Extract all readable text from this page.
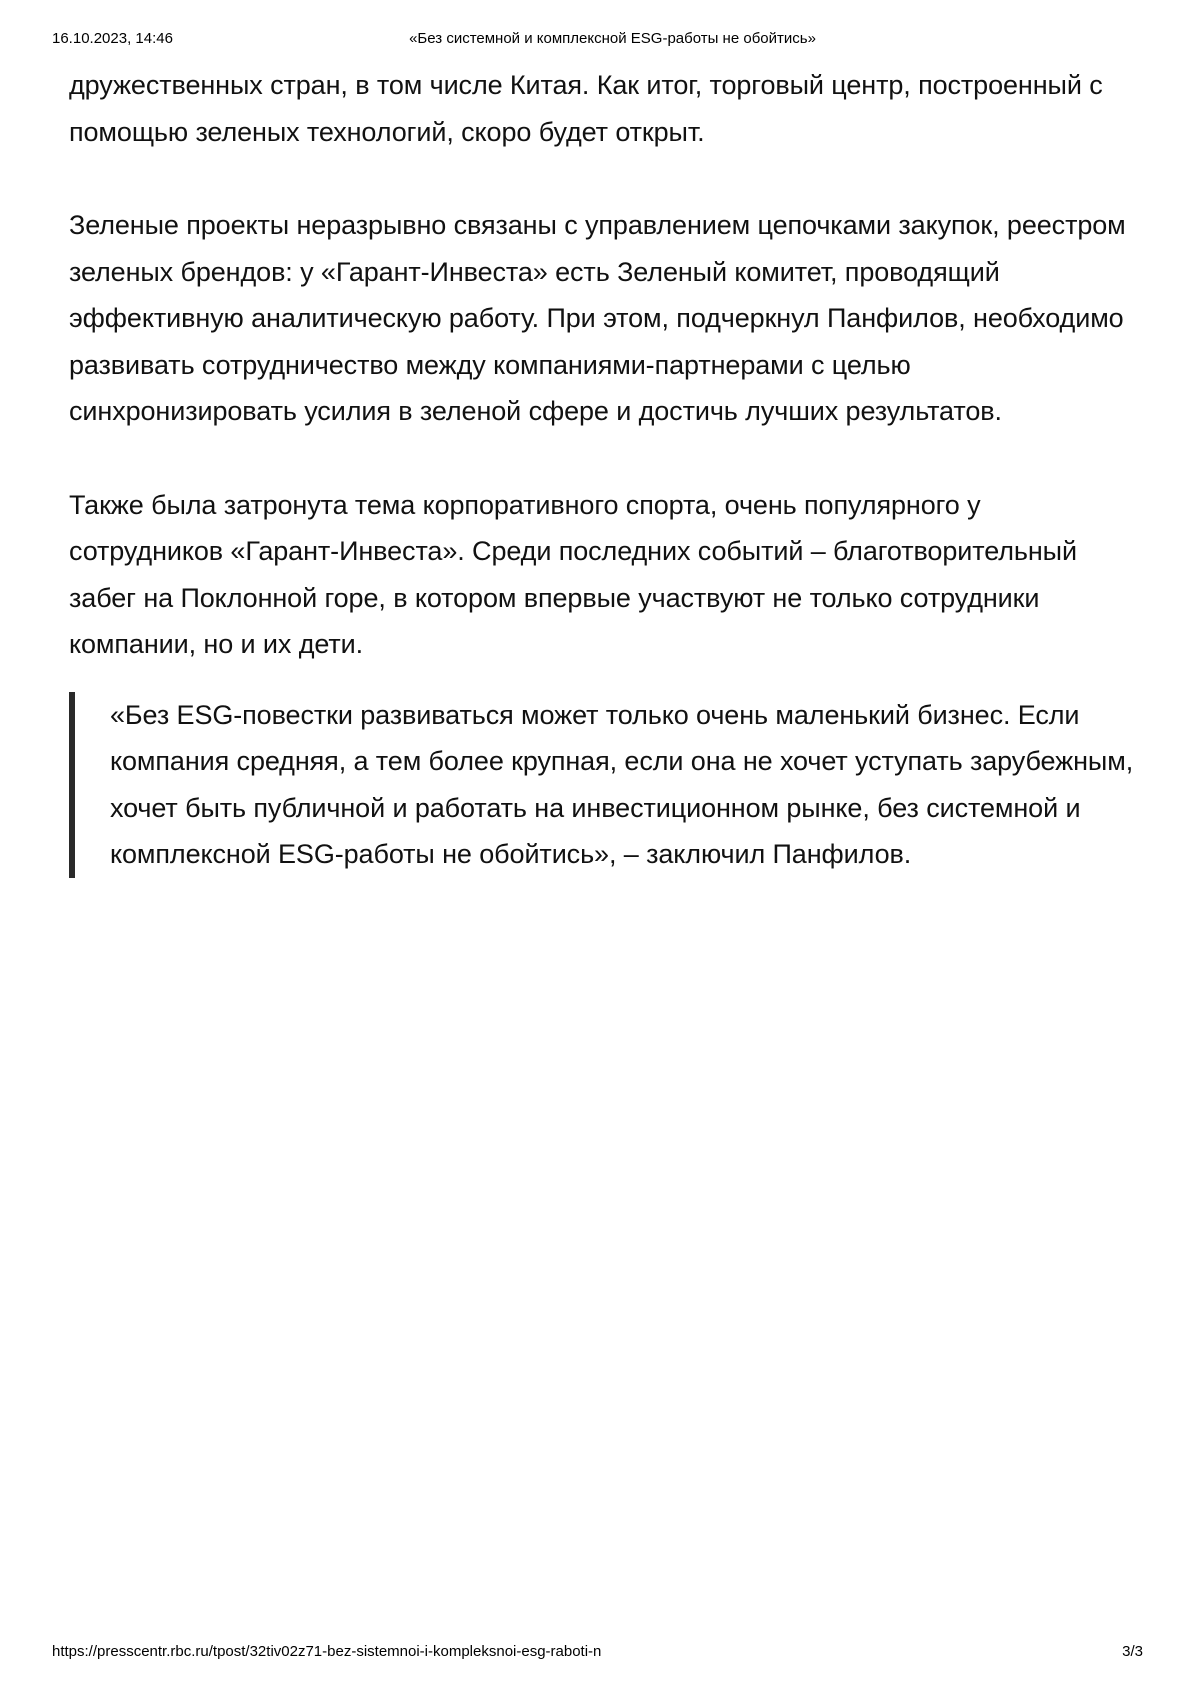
16.10.2023, 14:46	«Без системной и комплексной ESG-работы не обойтись»

дружественных стран, в том числе Китая. Как итог, торговый центр, построенный с помощью зеленых технологий, скоро будет открыт.

Зеленые проекты неразрывно связаны с управлением цепочками закупок, реестром зеленых брендов: у «Гарант-Инвеста» есть Зеленый комитет, проводящий эффективную аналитическую работу. При этом, подчеркнул Панфилов, необходимо развивать сотрудничество между компаниями-партнерами с целью синхронизировать усилия в зеленой сфере и достичь лучших результатов.

Также была затронута тема корпоративного спорта, очень популярного у сотрудников «Гарант-Инвеста». Среди последних событий – благотворительный забег на Поклонной горе, в котором впервые участвуют не только сотрудники компании, но и их дети.

«Без ESG-повестки развиваться может только очень маленький бизнес. Если компания средняя, а тем более крупная, если она не хочет уступать зарубежным, хочет быть публичной и работать на инвестиционном рынке, без системной и комплексной ESG-работы не обойтись», – заключил Панфилов.
https://presscentr.rbc.ru/tpost/32tiv02z71-bez-sistemnoi-i-kompleksnoi-esg-raboti-n	3/3
